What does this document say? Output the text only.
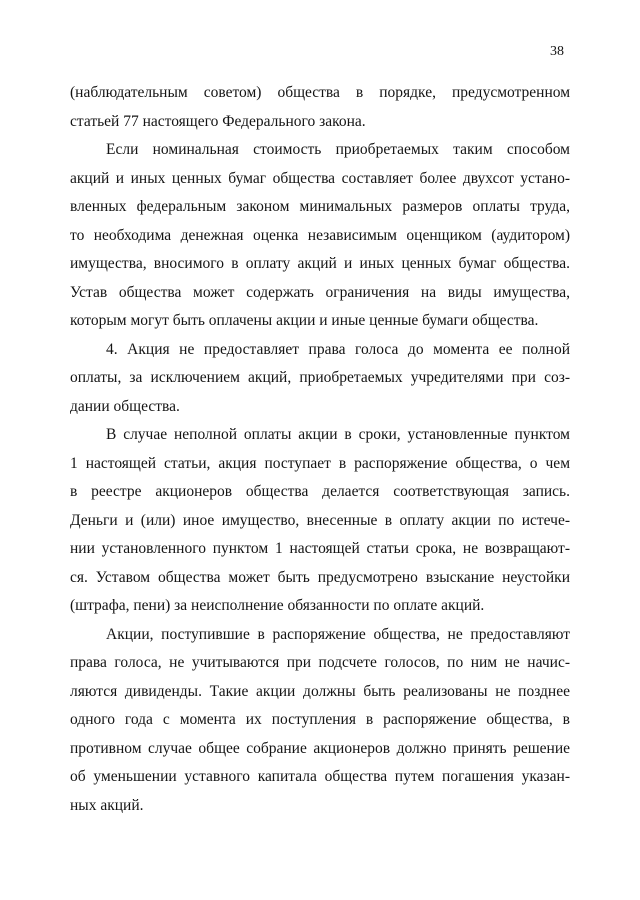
38
(наблюдательным советом) общества в порядке, предусмотренном
статьей 77 настоящего Федерального закона.
Если номинальная стоимость приобретаемых таким способом
акций и иных ценных бумаг общества составляет более двухсот устано-
вленных федеральным законом минимальных размеров оплаты труда,
то необходима денежная оценка независимым оценщиком (аудитором)
имущества, вносимого в оплату акций и иных ценных бумаг общества.
Устав общества может содержать ограничения на виды имущества,
которым могут быть оплачены акции и иные ценные бумаги общества.
4. Акция не предоставляет права голоса до момента ее полной
оплаты, за исключением акций, приобретаемых учредителями при соз-
дании общества.
В случае неполной оплаты акции в сроки, установленные пунктом
1 настоящей статьи, акция поступает в распоряжение общества, о чем
в реестре акционеров общества делается соответствующая запись.
Деньги и (или) иное имущество, внесенные в оплату акции по истече-
нии установленного пунктом 1 настоящей статьи срока, не возвращают-
ся. Уставом общества может быть предусмотрено взыскание неустойки
(штрафа, пени) за неисполнение обязанности по оплате акций.
Акции, поступившие в распоряжение общества, не предоставляют
права голоса, не учитываются при подсчете голосов, по ним не начис-
ляются дивиденды. Такие акции должны быть реализованы не позднее
одного года с момента их поступления в распоряжение общества, в
противном случае общее собрание акционеров должно принять решение
об уменьшении уставного капитала общества путем погашения указан-
ных акций.
